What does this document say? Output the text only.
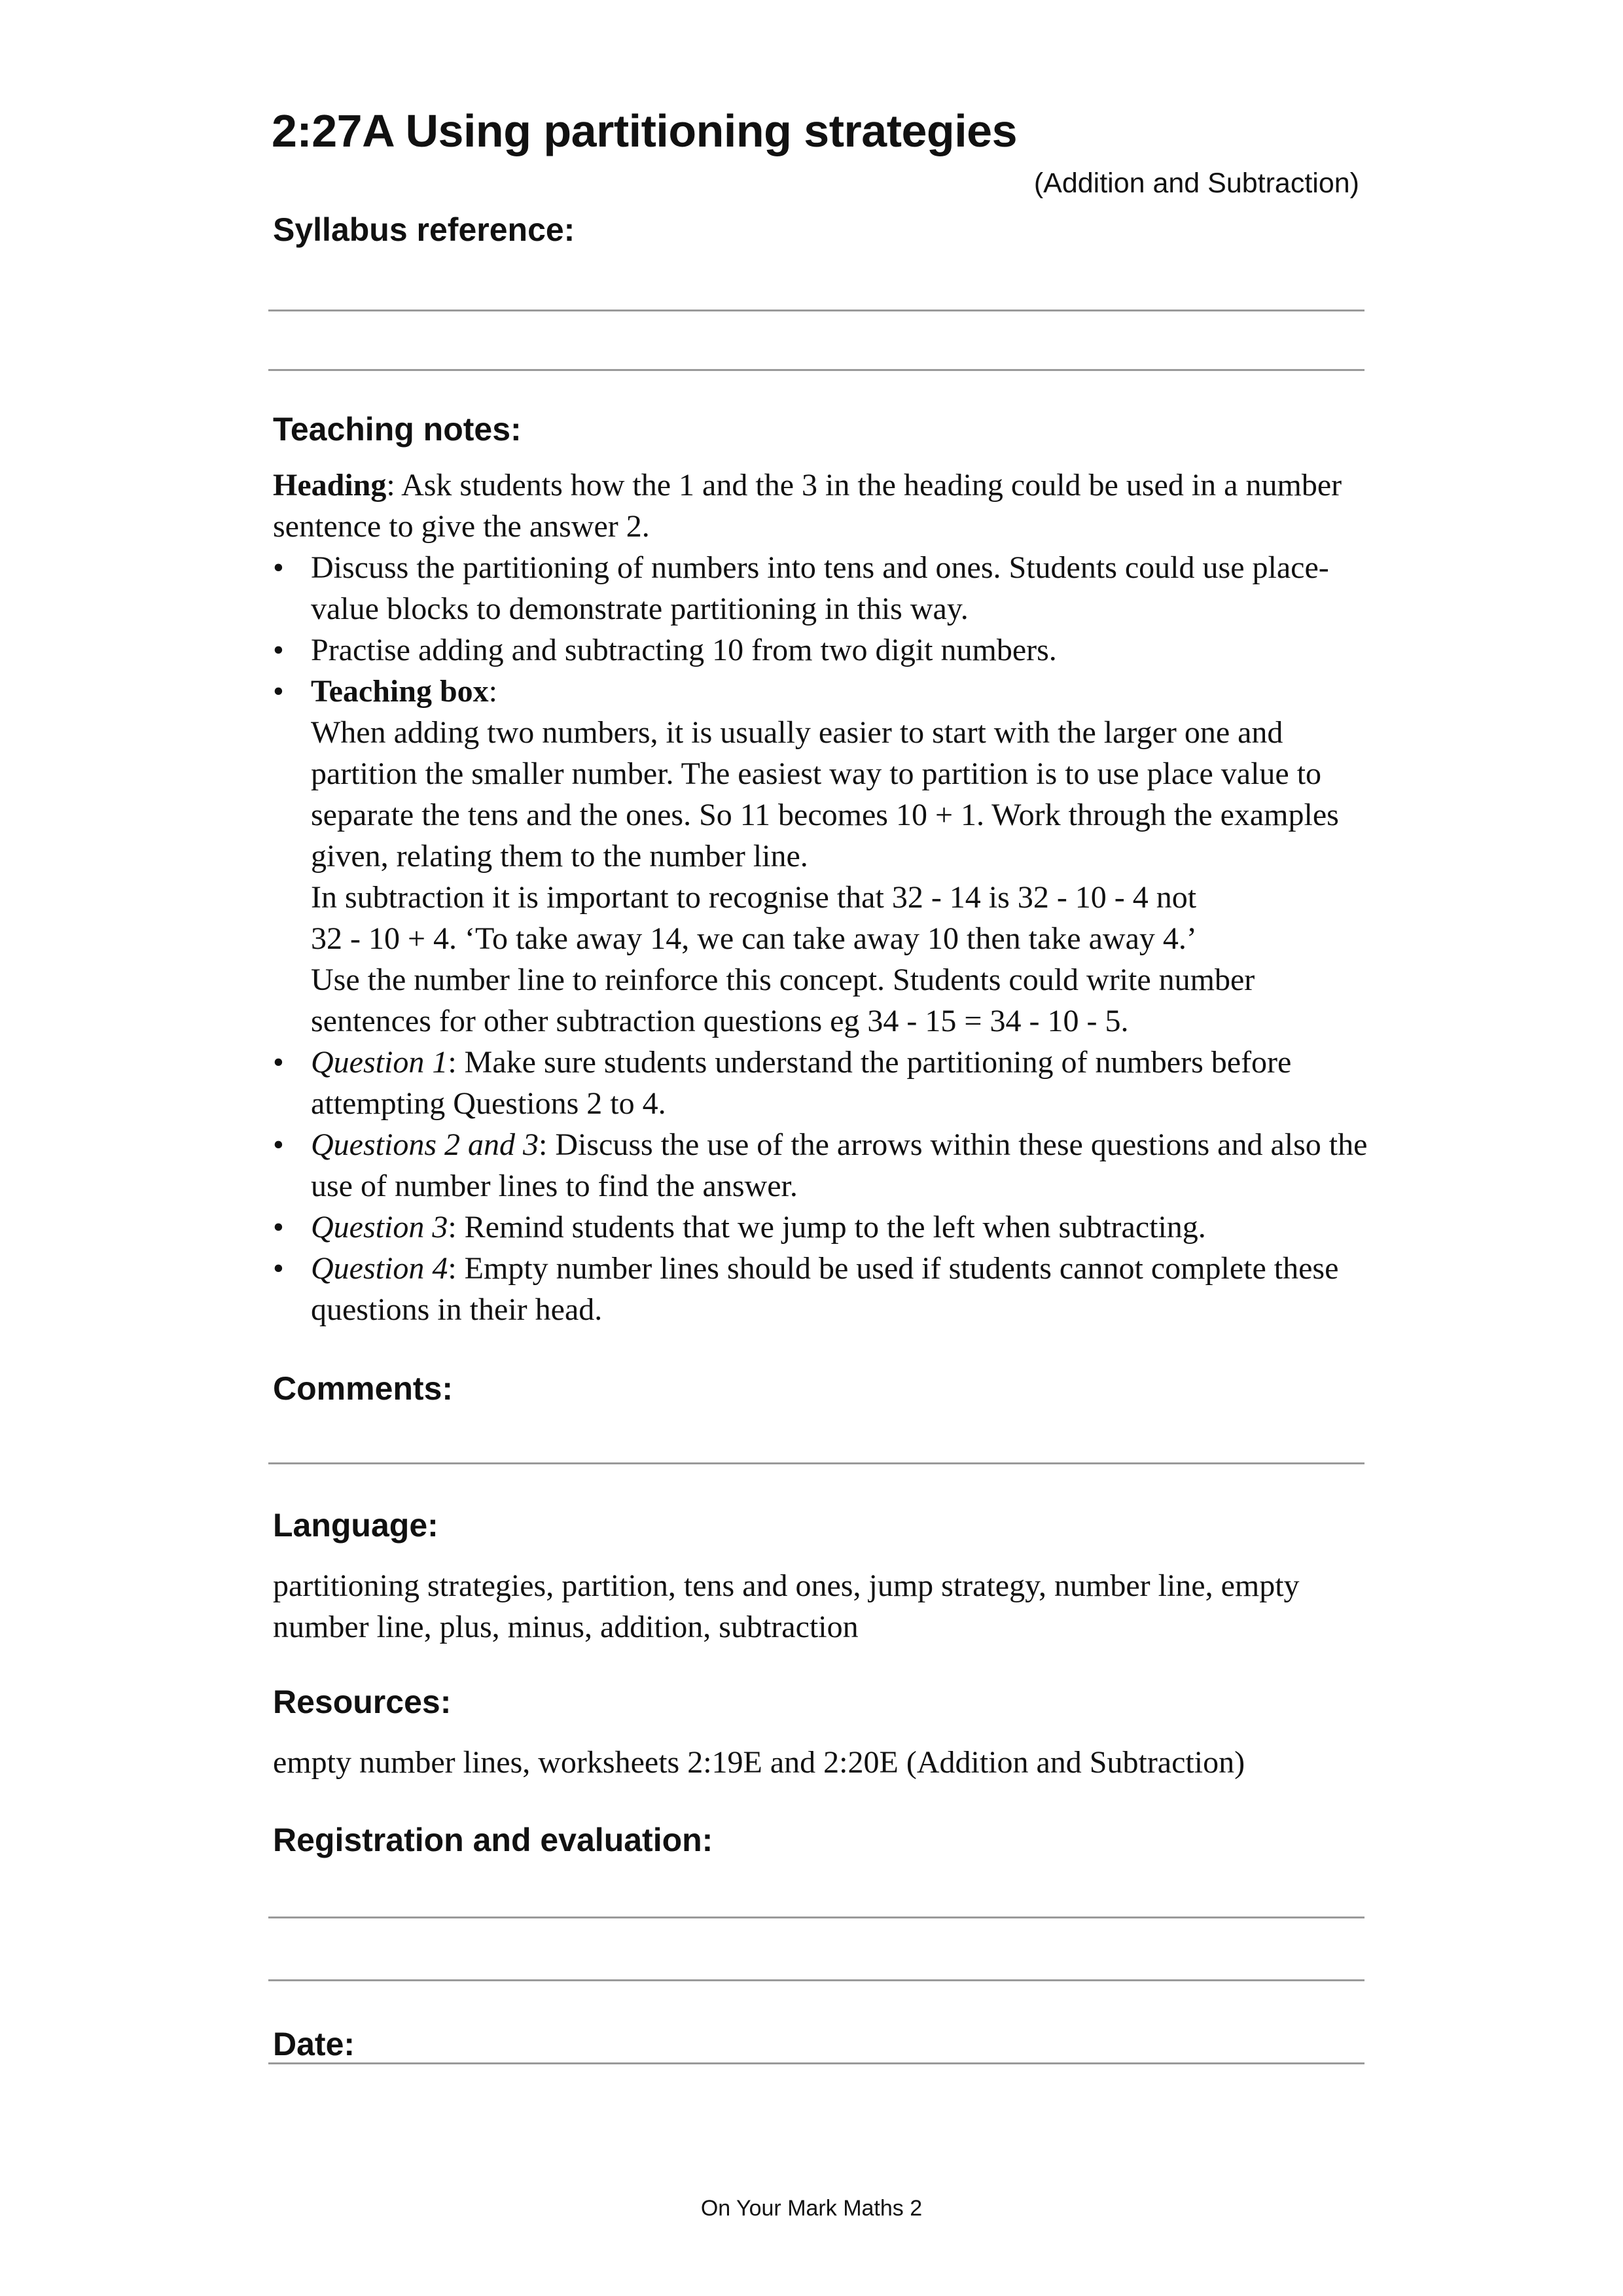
2:27A Using partitioning strategies
(Addition and Subtraction)
Syllabus reference:
Teaching notes:

Heading: Ask students how the 1 and the 3 in the heading could be used in a number sentence to give the answer 2.

• Discuss the partitioning of numbers into tens and ones. Students could use place-value blocks to demonstrate partitioning in this way.
• Practise adding and subtracting 10 from two digit numbers.
• Teaching box:
When adding two numbers, it is usually easier to start with the larger one and partition the smaller number. The easiest way to partition is to use place value to separate the tens and the ones. So 11 becomes 10 + 1. Work through the examples given, relating them to the number line.
In subtraction it is important to recognise that 32 - 14 is 32 - 10 - 4 not
32 - 10 + 4. ‘To take away 14, we can take away 10 then take away 4.’
Use the number line to reinforce this concept. Students could write number sentences for other subtraction questions eg 34 - 15 = 34 - 10 - 5.
• Question 1: Make sure students understand the partitioning of numbers before attempting Questions 2 to 4.
• Questions 2 and 3: Discuss the use of the arrows within these questions and also the use of number lines to find the answer.
• Question 3: Remind students that we jump to the left when subtracting.
• Question 4: Empty number lines should be used if students cannot complete these questions in their head.
Comments:
Language:
partitioning strategies, partition, tens and ones, jump strategy, number line, empty number line, plus, minus, addition, subtraction
Resources:
empty number lines, worksheets 2:19E and 2:20E (Addition and Subtraction)
Registration and evaluation:
Date:
On Your Mark Maths 2
